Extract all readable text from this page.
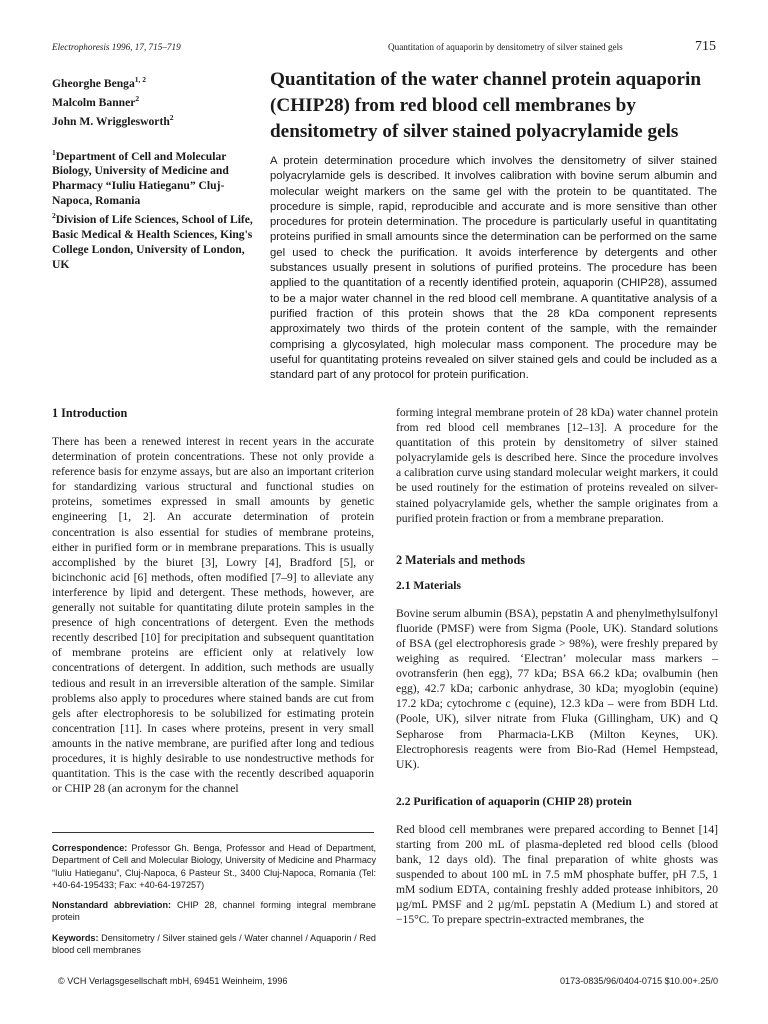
Electrophoresis 1996, 17, 715–719	Quantitation of aquaporin by densitometry of silver stained gels	715

Gheorghe Benga$^{1, 2}$

Malcolm Banner$^2$

John M. Wrigglesworth$^2$

$^1$Department of Cell and Molecular Biology, University of Medicine and Pharmacy “Iuliu Hatieganu” Cluj-Napoca, Romania

$^2$Division of Life Sciences, School of Life, Basic Medical & Health Sciences, King's College London, University of London, UK

Quantitation of the water channel protein aquaporin (CHIP28) from red blood cell membranes by densitometry of silver stained polyacrylamide gels
A protein determination procedure which involves the densitometry of silver stained polyacrylamide gels is described. It involves calibration with bovine serum albumin and molecular weight markers on the same gel with the protein to be quantitated. The procedure is simple, rapid, reproducible and accurate and is more sensitive than other procedures for protein determination. The procedure is particularly useful in quantitating proteins purified in small amounts since the determination can be performed on the same gel used to check the purification. It avoids interference by detergents and other substances usually present in solutions of purified proteins. The procedure has been applied to the quantitation of a recently identified protein, aquaporin (CHIP28), assumed to be a major water channel in the red blood cell membrane. A quantitative analysis of a purified fraction of this protein shows that the 28 kDa component represents approximately two thirds of the protein content of the sample, with the remainder comprising a glycosylated, high molecular mass component. The procedure may be useful for quantitating proteins revealed on silver stained gels and could be included as a standard part of any protocol for protein purification.
1 Introduction

There has been a renewed interest in recent years in the accurate determination of protein concentrations. These not only provide a reference basis for enzyme assays, but are also an important criterion for standardizing various structural and functional studies on proteins, sometimes expressed in small amounts by genetic engineering [1, 2]. An accurate determination of protein concentration is also essential for studies of membrane proteins, either in purified form or in membrane preparations. This is usually accomplished by the biuret [3], Lowry [4], Bradford [5], or bicinchonic acid [6] methods, often modified [7–9] to alleviate any interference by lipid and detergent. These methods, however, are generally not suitable for quantitating dilute protein samples in the presence of high concentrations of detergent. Even the methods recently described [10] for precipitation and subsequent quantitation of membrane proteins are efficient only at relatively low concentrations of detergent. In addition, such methods are usually tedious and result in an irreversible alteration of the sample. Similar problems also apply to procedures where stained bands are cut from gels after electrophoresis to be solubilized for estimating protein concentration [11]. In cases where proteins, present in very small amounts in the native membrane, are purified after long and tedious procedures, it is highly desirable to use nondestructive methods for quantitation. This is the case with the recently described aquaporin or CHIP 28 (an acronym for the channel

forming integral membrane protein of 28 kDa) water channel protein from red blood cell membranes [12–13]. A procedure for the quantitation of this protein by densitometry of silver stained polyacrylamide gels is described here. Since the procedure involves a calibration curve using standard molecular weight markers, it could be used routinely for the estimation of proteins revealed on silver-stained polyacrylamide gels, whether the sample originates from a purified protein fraction or from a membrane preparation.

2 Materials and methods
2.1 Materials

Bovine serum albumin (BSA), pepstatin A and phenylmethylsulfonyl fluoride (PMSF) were from Sigma (Poole, UK). Standard solutions of BSA (gel electrophoresis grade > 98%), were freshly prepared by weighing as required. ‘Electran’ molecular mass markers – ovotransferin (hen egg), 77 kDa; BSA 66.2 kDa; ovalbumin (hen egg), 42.7 kDa; carbonic anhydrase, 30 kDa; myoglobin (equine) 17.2 kDa; cytochrome c (equine), 12.3 kDa – were from BDH Ltd. (Poole, UK), silver nitrate from Fluka (Gillingham, UK) and Q Sepharose from Pharmacia-LKB (Milton Keynes, UK). Electrophoresis reagents were from Bio-Rad (Hemel Hempstead, UK).

2.2 Purification of aquaporin (CHIP 28) protein

Red blood cell membranes were prepared according to Bennet [14] starting from 200 mL of plasma-depleted red blood cells (blood bank, 12 days old). The final preparation of white ghosts was suspended to about 100 mL in 7.5 mM phosphate buffer, pH 7.5, 1 mM sodium EDTA, containing freshly added protease inhibitors, 20 µg/mL PMSF and 2 µg/mL pepstatin A (Medium L) and stored at −15°C. To prepare spectrin-extracted membranes, the

Correspondence: Professor Gh. Benga, Professor and Head of Department, Department of Cell and Molecular Biology, University of Medicine and Pharmacy “Iuliu Hatieganu”, Cluj-Napoca, 6 Pasteur St., 3400 Cluj-Napoca, Romania (Tel: +40-64-195433; Fax: +40-64-197257)

Nonstandard abbreviation: CHIP 28, channel forming integral membrane protein

Keywords: Densitometry / Silver stained gels / Water channel / Aquaporin / Red blood cell membranes

© VCH Verlagsgesellschaft mbH, 69451 Weinheim, 1996	0173-0835/96/0404-0715 $10.00+.25/0
